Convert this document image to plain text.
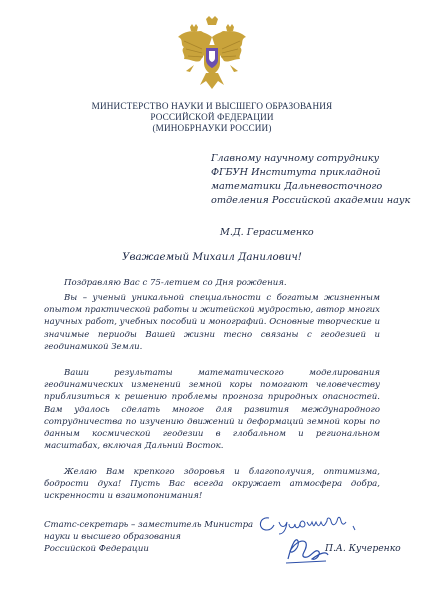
МИНИСТЕРСТВО НАУКИ И ВЫСШЕГО ОБРАЗОВАНИЯ
РОССИЙСКОЙ ФЕДЕРАЦИИ
(МИНОБРНАУКИ РОССИИ)
Главному научному сотруднику
ФГБУН Института прикладной
математики Дальневосточного
отделения Российской академии наук
М.Д. Герасименко
Уважаемый Михаил Данилович!
Поздравляю Вас с 75-летием со Дня рождения.
Вы – ученый уникальной специальности с богатым жизненным опытом практической работы и житейской мудростью, автор многих научных работ, учебных пособий и монографий. Основные творческие и значимые периоды Вашей жизни тесно связаны с геодезией и геодинамикой Земли.
Ваши результаты математического моделирования геодинамических изменений земной коры помогают человечеству приблизиться к решению проблемы прогноза природных опасностей. Вам удалось сделать многое для развития международного сотрудничества по изучению движений и деформаций земной коры по данным космической геодезии в глобальном и региональном масштабах, включая Дальний Восток.
Желаю Вам крепкого здоровья и благополучия, оптимизма, бодрости духа! Пусть Вас всегда окружает атмосфера добра, искренности и взаимопонимания!
Статс-секретарь – заместитель Министра
науки и высшего образования
Российской Федерации	П.А. Кучеренко
